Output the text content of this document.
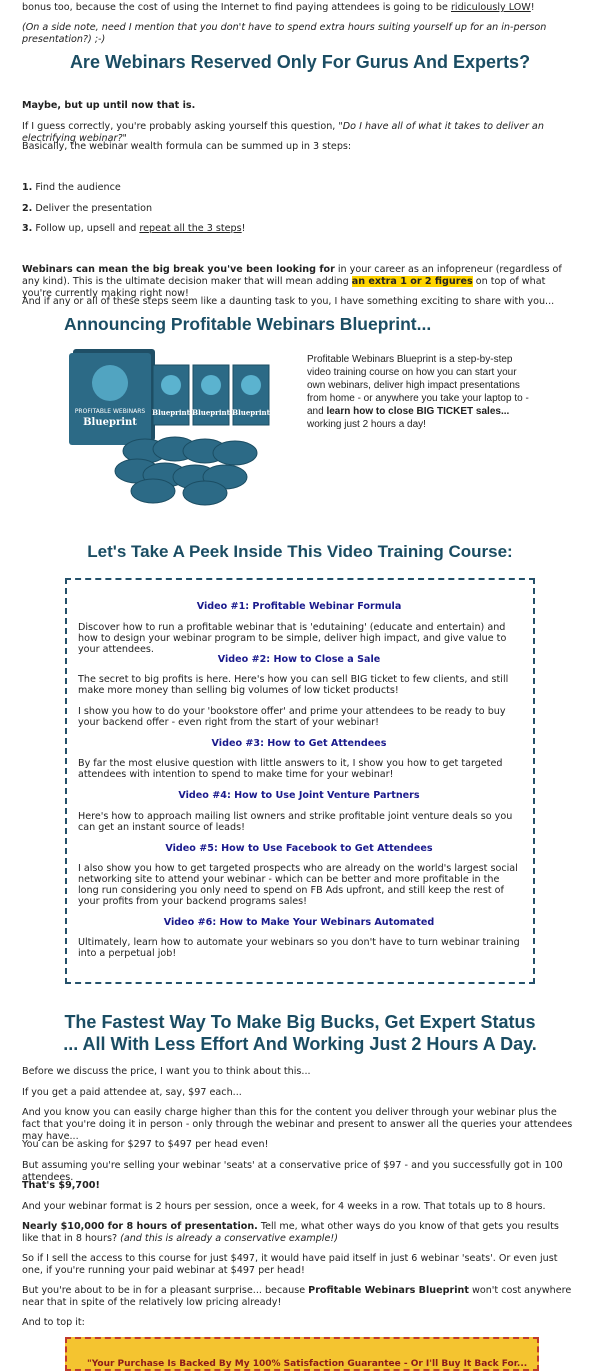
bonus too, because the cost of using the Internet to find paying attendees is going to be ridiculously LOW!

(On a side note, need I mention that you don't have to spend extra hours suiting yourself up for an in-person presentation?) ;-)

Are Webinars Reserved Only For Gurus And Experts?

Maybe, but up until now that is.

If I guess correctly, you're probably asking yourself this question, "Do I have all of what it takes to deliver an electrifying webinar?"

Basically, the webinar wealth formula can be summed up in 3 steps:

1. Find the audience

2. Deliver the presentation

3. Follow up, upsell and repeat all the 3 steps!

Webinars can mean the big break you've been looking for in your career as an infopreneur (regardless of any kind). This is the ultimate decision maker that will mean adding an extra 1 or 2 figures on top of what you're currently making right now!

And if any or all of these steps seem like a daunting task to you, I have something exciting to share with you...

Announcing Profitable Webinars Blueprint...
PROFITABLE WEBINARS
Blueprint
Blueprint
Blueprint
Blueprint

Profitable Webinars Blueprint is a step-by-step video training course on how you can start your own webinars, deliver high impact presentations from home - or anywhere you take your laptop to - and learn how to close BIG TICKET sales... working just 2 hours a day!

Let's Take A Peek Inside This Video Training Course:

Video #1: Profitable Webinar Formula

Discover how to run a profitable webinar that is 'edutaining' (educate and entertain) and how to design your webinar program to be simple, deliver high impact, and give value to your attendees.

Video #2: How to Close a Sale

The secret to big profits is here. Here's how you can sell BIG ticket to few clients, and still make more money than selling big volumes of low ticket products!

I show you how to do your 'bookstore offer' and prime your attendees to be ready to buy your backend offer - even right from the start of your webinar!

Video #3: How to Get Attendees

By far the most elusive question with little answers to it, I show you how to get targeted attendees with intention to spend to make time for your webinar!

Video #4: How to Use Joint Venture Partners

Here's how to approach mailing list owners and strike profitable joint venture deals so you can get an instant source of leads!

Video #5: How to Use Facebook to Get Attendees

I also show you how to get targeted prospects who are already on the world's largest social networking site to attend your webinar - which can be better and more profitable in the long run considering you only need to spend on FB Ads upfront, and still keep the rest of your profits from your backend programs sales!

Video #6: How to Make Your Webinars Automated

Ultimately, learn how to automate your webinars so you don't have to turn webinar training into a perpetual job!

The Fastest Way To Make Big Bucks, Get Expert Status
... All With Less Effort And Working Just 2 Hours A Day.

Before we discuss the price, I want you to think about this...

If you get a paid attendee at, say, $97 each...

And you know you can easily charge higher than this for the content you deliver through your webinar plus the fact that you're doing it in person - only through the webinar and present to answer all the queries your attendees may have...

You can be asking for $297 to $497 per head even!

But assuming you're selling your webinar 'seats' at a conservative price of $97 - and you successfully got in 100 attendees.

That's $9,700!

And your webinar format is 2 hours per session, once a week, for 4 weeks in a row. That totals up to 8 hours.

Nearly $10,000 for 8 hours of presentation. Tell me, what other ways do you know of that gets you results like that in 8 hours? (and this is already a conservative example!)

So if I sell the access to this course for just $497, it would have paid itself in just 6 webinar 'seats'. Or even just one, if you're running your paid webinar at $497 per head!

But you're about to be in for a pleasant surprise... because Profitable Webinars Blueprint won't cost anywhere near that in spite of the relatively low pricing already!

And to top it:

"Your Purchase Is Backed By My 100% Satisfaction Guarantee - Or I'll Buy It Back For...
